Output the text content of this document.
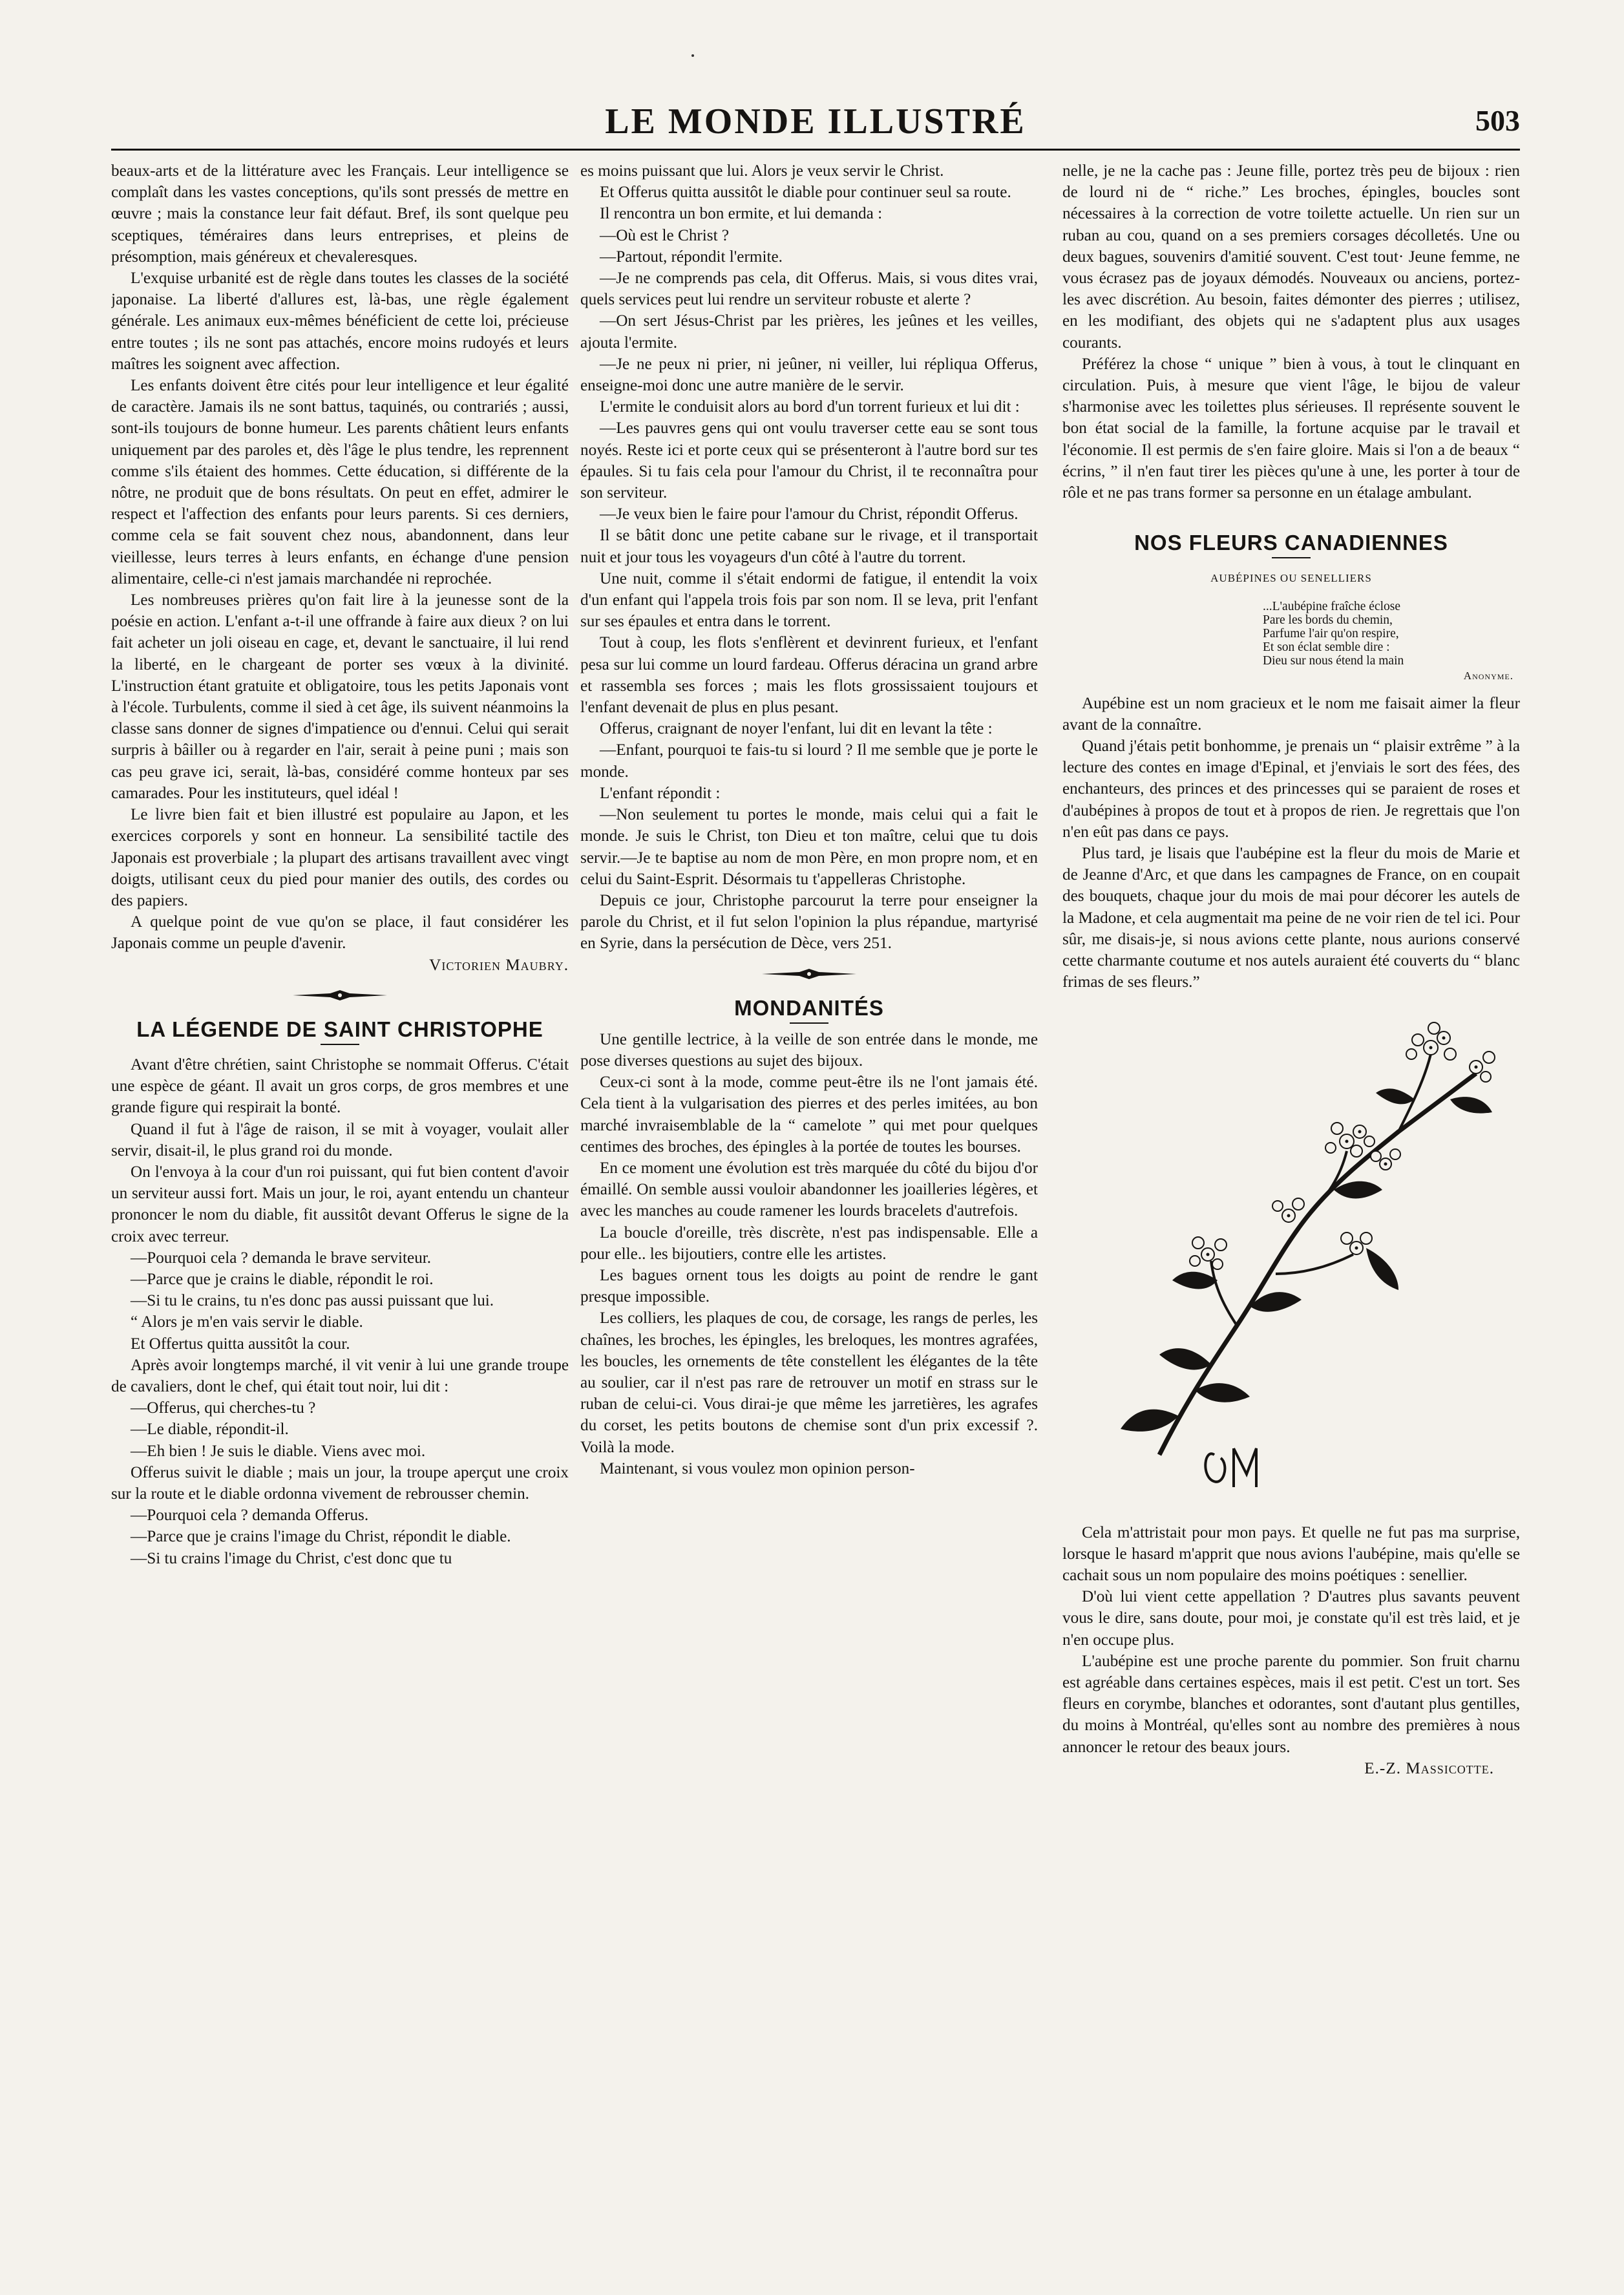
LE MONDE ILLUSTRÉ	503

beaux-arts et de la littérature avec les Français. Leur intelligence se complaît dans les vastes conceptions, qu'ils sont pressés de mettre en œuvre ; mais la constance leur fait défaut. Bref, ils sont quelque peu sceptiques, téméraires dans leurs entreprises, et pleins de présomption, mais généreux et chevaleresques.

L'exquise urbanité est de règle dans toutes les classes de la société japonaise. La liberté d'allures est, là-bas, une règle également générale. Les animaux eux-mêmes bénéficient de cette loi, précieuse entre toutes ; ils ne sont pas attachés, encore moins rudoyés et leurs maîtres les soignent avec affection.

Les enfants doivent être cités pour leur intelligence et leur égalité de caractère. Jamais ils ne sont battus, taquinés, ou contrariés ; aussi, sont-ils toujours de bonne humeur. Les parents châtient leurs enfants uniquement par des paroles et, dès l'âge le plus tendre, les reprennent comme s'ils étaient des hommes. Cette éducation, si différente de la nôtre, ne produit que de bons résultats. On peut en effet, admirer le respect et l'affection des enfants pour leurs parents. Si ces derniers, comme cela se fait souvent chez nous, abandonnent, dans leur vieillesse, leurs terres à leurs enfants, en échange d'une pension alimentaire, celle-ci n'est jamais marchandée ni reprochée.

Les nombreuses prières qu'on fait lire à la jeunesse sont de la poésie en action. L'enfant a-t-il une offrande à faire aux dieux ? on lui fait acheter un joli oiseau en cage, et, devant le sanctuaire, il lui rend la liberté, en le chargeant de porter ses vœux à la divinité. L'instruction étant gratuite et obligatoire, tous les petits Japonais vont à l'école. Turbulents, comme il sied à cet âge, ils suivent néanmoins la classe sans donner de signes d'impatience ou d'ennui. Celui qui serait surpris à bâiller ou à regarder en l'air, serait à peine puni ; mais son cas peu grave ici, serait, là-bas, considéré comme honteux par ses camarades. Pour les instituteurs, quel idéal !

Le livre bien fait et bien illustré est populaire au Japon, et les exercices corporels y sont en honneur. La sensibilité tactile des Japonais est proverbiale ; la plupart des artisans travaillent avec vingt doigts, utilisant ceux du pied pour manier des outils, des cordes ou des papiers.

A quelque point de vue qu'on se place, il faut considérer les Japonais comme un peuple d'avenir.

Victorien Maubry.

LA LÉGENDE DE SAINT CHRISTOPHE

Avant d'être chrétien, saint Christophe se nommait Offerus. C'était une espèce de géant. Il avait un gros corps, de gros membres et une grande figure qui respirait la bonté.

Quand il fut à l'âge de raison, il se mit à voyager, voulait aller servir, disait-il, le plus grand roi du monde.

On l'envoya à la cour d'un roi puissant, qui fut bien content d'avoir un serviteur aussi fort. Mais un jour, le roi, ayant entendu un chanteur prononcer le nom du diable, fit aussitôt devant Offerus le signe de la croix avec terreur.

—Pourquoi cela ? demanda le brave serviteur.

—Parce que je crains le diable, répondit le roi.

—Si tu le crains, tu n'es donc pas aussi puissant que lui.

“ Alors je m'en vais servir le diable.

Et Offertus quitta aussitôt la cour.

Après avoir longtemps marché, il vit venir à lui une grande troupe de cavaliers, dont le chef, qui était tout noir, lui dit :

—Offerus, qui cherches-tu ?

—Le diable, répondit-il.

—Eh bien ! Je suis le diable. Viens avec moi.

Offerus suivit le diable ; mais un jour, la troupe aperçut une croix sur la route et le diable ordonna vivement de rebrousser chemin.

—Pourquoi cela ? demanda Offerus.

—Parce que je crains l'image du Christ, répondit le diable.

—Si tu crains l'image du Christ, c'est donc que tu

es moins puissant que lui. Alors je veux servir le Christ.

Et Offerus quitta aussitôt le diable pour continuer seul sa route.

Il rencontra un bon ermite, et lui demanda :

—Où est le Christ ?

—Partout, répondit l'ermite.

—Je ne comprends pas cela, dit Offerus. Mais, si vous dites vrai, quels services peut lui rendre un serviteur robuste et alerte ?

—On sert Jésus-Christ par les prières, les jeûnes et les veilles, ajouta l'ermite.

—Je ne peux ni prier, ni jeûner, ni veiller, lui répliqua Offerus, enseigne-moi donc une autre manière de le servir.

L'ermite le conduisit alors au bord d'un torrent furieux et lui dit :

—Les pauvres gens qui ont voulu traverser cette eau se sont tous noyés. Reste ici et porte ceux qui se présenteront à l'autre bord sur tes épaules. Si tu fais cela pour l'amour du Christ, il te reconnaîtra pour son serviteur.

—Je veux bien le faire pour l'amour du Christ, répondit Offerus.

Il se bâtit donc une petite cabane sur le rivage, et il transportait nuit et jour tous les voyageurs d'un côté à l'autre du torrent.

Une nuit, comme il s'était endormi de fatigue, il entendit la voix d'un enfant qui l'appela trois fois par son nom. Il se leva, prit l'enfant sur ses épaules et entra dans le torrent.

Tout à coup, les flots s'enflèrent et devinrent furieux, et l'enfant pesa sur lui comme un lourd fardeau. Offerus déracina un grand arbre et rassembla ses forces ; mais les flots grossissaient toujours et l'enfant devenait de plus en plus pesant.

Offerus, craignant de noyer l'enfant, lui dit en levant la tête :

—Enfant, pourquoi te fais-tu si lourd ? Il me semble que je porte le monde.

L'enfant répondit :

—Non seulement tu portes le monde, mais celui qui a fait le monde. Je suis le Christ, ton Dieu et ton maître, celui que tu dois servir.—Je te baptise au nom de mon Père, en mon propre nom, et en celui du Saint-Esprit. Désormais tu t'appelleras Christophe.

Depuis ce jour, Christophe parcourut la terre pour enseigner la parole du Christ, et il fut selon l'opinion la plus répandue, martyrisé en Syrie, dans la persécution de Dèce, vers 251.

MONDANITÉS

Une gentille lectrice, à la veille de son entrée dans le monde, me pose diverses questions au sujet des bijoux.

Ceux-ci sont à la mode, comme peut-être ils ne l'ont jamais été. Cela tient à la vulgarisation des pierres et des perles imitées, au bon marché invraisemblable de la “ camelote ” qui met pour quelques centimes des broches, des épingles à la portée de toutes les bourses.

En ce moment une évolution est très marquée du côté du bijou d'or émaillé. On semble aussi vouloir abandonner les joailleries légères, et avec les manches au coude ramener les lourds bracelets d'autrefois.

La boucle d'oreille, très discrète, n'est pas indispensable. Elle a pour elle.. les bijoutiers, contre elle les artistes.

Les bagues ornent tous les doigts au point de rendre le gant presque impossible.

Les colliers, les plaques de cou, de corsage, les rangs de perles, les chaînes, les broches, les épingles, les breloques, les montres agrafées, les boucles, les ornements de tête constellent les élégantes de la tête au soulier, car il n'est pas rare de retrouver un motif en strass sur le ruban de celui-ci. Vous dirai-je que même les jarretières, les agrafes du corset, les petits boutons de chemise sont d'un prix excessif ?. Voilà la mode.

Maintenant, si vous voulez mon opinion person-

nelle, je ne la cache pas : Jeune fille, portez très peu de bijoux : rien de lourd ni de “ riche.” Les broches, épingles, boucles sont nécessaires à la correction de votre toilette actuelle. Un rien sur un ruban au cou, quand on a ses premiers corsages décolletés. Une ou deux bagues, souvenirs d'amitié souvent. C'est tout· Jeune femme, ne vous écrasez pas de joyaux démodés. Nouveaux ou anciens, portez-les avec discrétion. Au besoin, faites démonter des pierres ; utilisez, en les modifiant, des objets qui ne s'adaptent plus aux usages courants.

Préférez la chose “ unique ” bien à vous, à tout le clinquant en circulation. Puis, à mesure que vient l'âge, le bijou de valeur s'harmonise avec les toilettes plus sérieuses. Il représente souvent le bon état social de la famille, la fortune acquise par le travail et l'économie. Il est permis de s'en faire gloire. Mais si l'on a de beaux “ écrins, ” il n'en faut tirer les pièces qu'une à une, les porter à tour de rôle et ne pas trans former sa personne en un étalage ambulant.

NOS FLEURS CANADIENNES
AUBÉPINES OU SENELLIERS
...L'aubépine fraîche éclose
Pare les bords du chemin,
Parfume l'air qu'on respire,
Et son éclat semble dire :
Dieu sur nous étend la main
Anonyme.

Aupébine est un nom gracieux et le nom me faisait aimer la fleur avant de la connaître.

Quand j'étais petit bonhomme, je prenais un “ plaisir extrême ” à la lecture des contes en image d'Epinal, et j'enviais le sort des fées, des enchanteurs, des princes et des princesses qui se paraient de roses et d'aubépines à propos de tout et à propos de rien. Je regrettais que l'on n'en eût pas dans ce pays.

Plus tard, je lisais que l'aubépine est la fleur du mois de Marie et de Jeanne d'Arc, et que dans les campagnes de France, on en coupait des bouquets, chaque jour du mois de mai pour décorer les autels de la Madone, et cela augmentait ma peine de ne voir rien de tel ici. Pour sûr, me disais-je, si nous avions cette plante, nous aurions conservé cette charmante coutume et nos autels auraient été couverts du “ blanc frimas de ses fleurs.”

Cela m'attristait pour mon pays. Et quelle ne fut pas ma surprise, lorsque le hasard m'apprit que nous avions l'aubépine, mais qu'elle se cachait sous un nom populaire des moins poétiques : senellier.

D'où lui vient cette appellation ? D'autres plus savants peuvent vous le dire, sans doute, pour moi, je constate qu'il est très laid, et je n'en occupe plus.

L'aubépine est une proche parente du pommier. Son fruit charnu est agréable dans certaines espèces, mais il est petit. C'est un tort. Ses fleurs en corymbe, blanches et odorantes, sont d'autant plus gentilles, du moins à Montréal, qu'elles sont au nombre des premières à nous annoncer le retour des beaux jours.

E.-Z. Massicotte.
